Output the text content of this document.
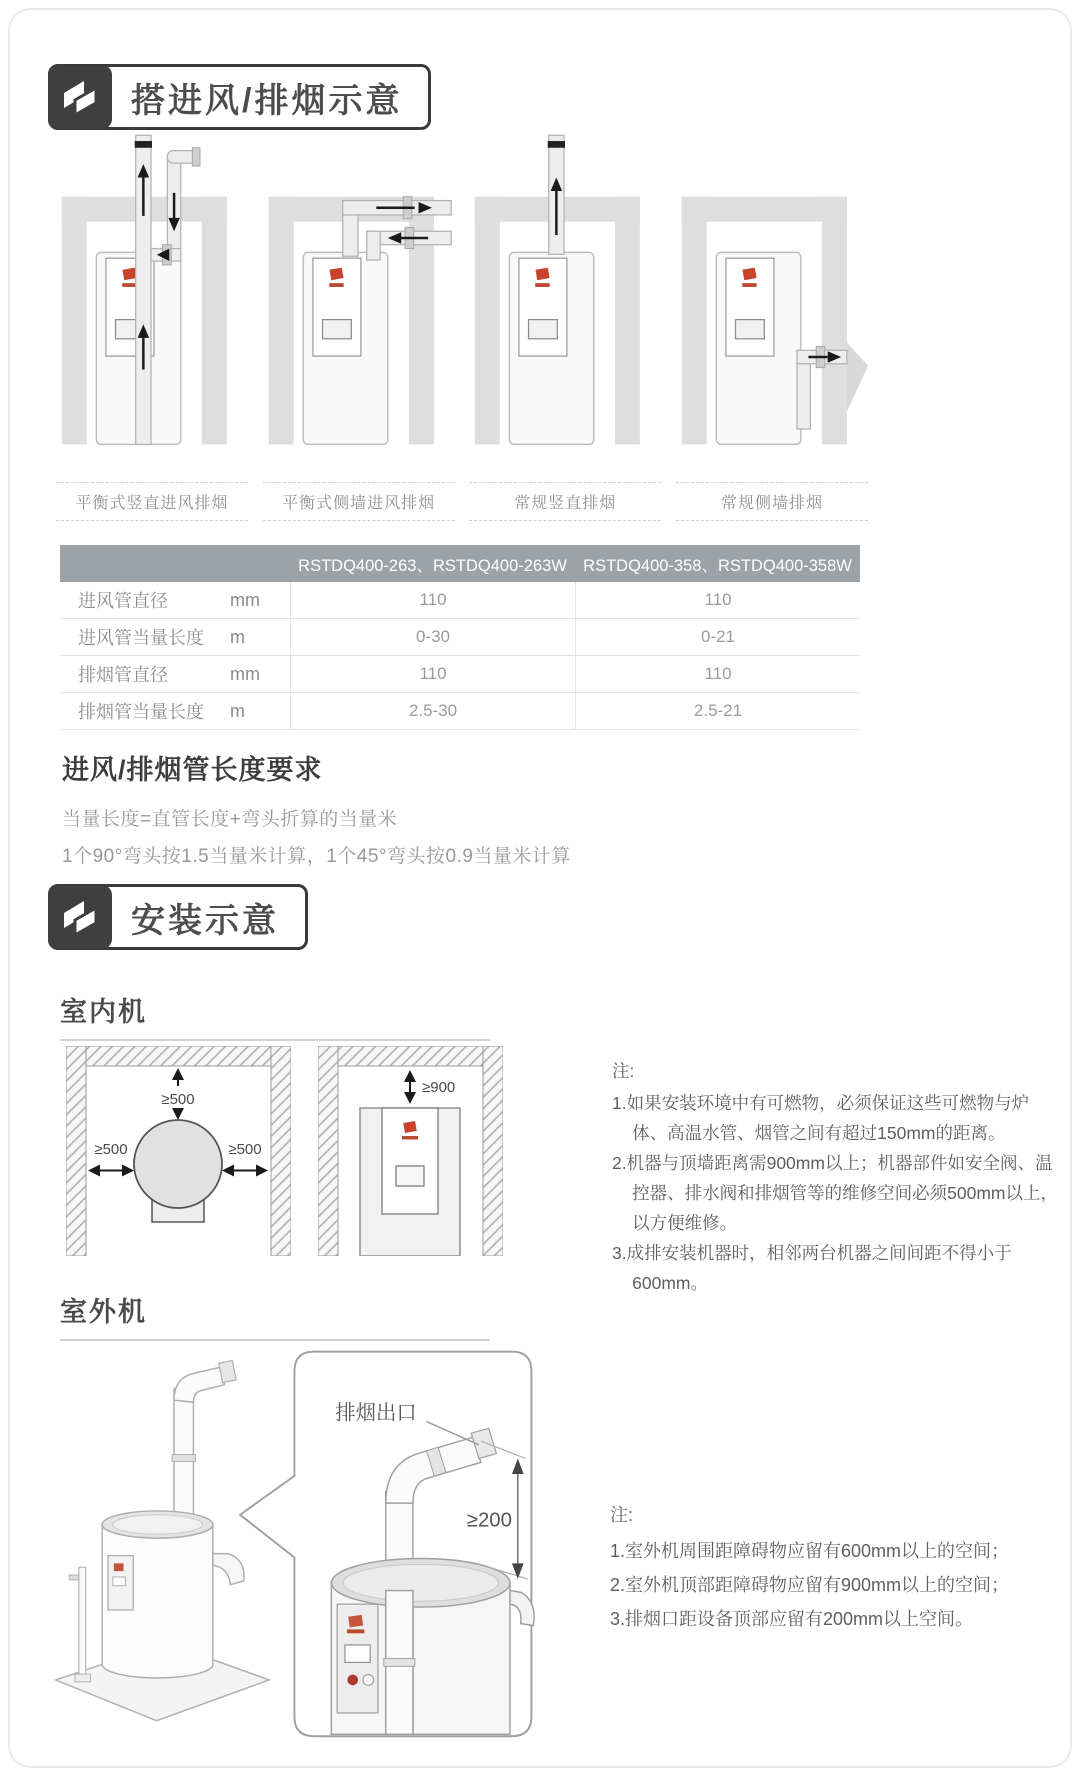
搭进风/排烟示意
平衡式竖直进风排烟	平衡式侧墙进风排烟	常规竖直排烟	常规侧墙排烟
RSTDQ400-263、RSTDQ400-263W RSTDQ400-358、RSTDQ400-358W
进风管直径	mm	110	110
进风管当量长度	m	0-30	0-21
排烟管直径	mm	110	110
排烟管当量长度	m	2.5-30	2.5-21
进风/排烟管长度要求
当量长度=直管长度+弯头折算的当量米
1个90°弯头按1.5当量米计算，1个45°弯头按0.9当量米计算
安装示意
室内机
≥500
≥500	≥500
≥900
注:
1.如果安装环境中有可燃物，必须保证这些可燃物与炉体、高温水管、烟管之间有超过150mm的距离。
2.机器与顶墙距离需900mm以上；机器部件如安全阀、温控器、排水阀和排烟管等的维修空间必须500mm以上，以方便维修。
3.成排安装机器时，相邻两台机器之间间距不得小于600mm。
室外机
排烟出口
≥200	注:
1.室外机周围距障碍物应留有600mm以上的空间；
2.室外机顶部距障碍物应留有900mm以上的空间；
3.排烟口距设备顶部应留有200mm以上空间。
